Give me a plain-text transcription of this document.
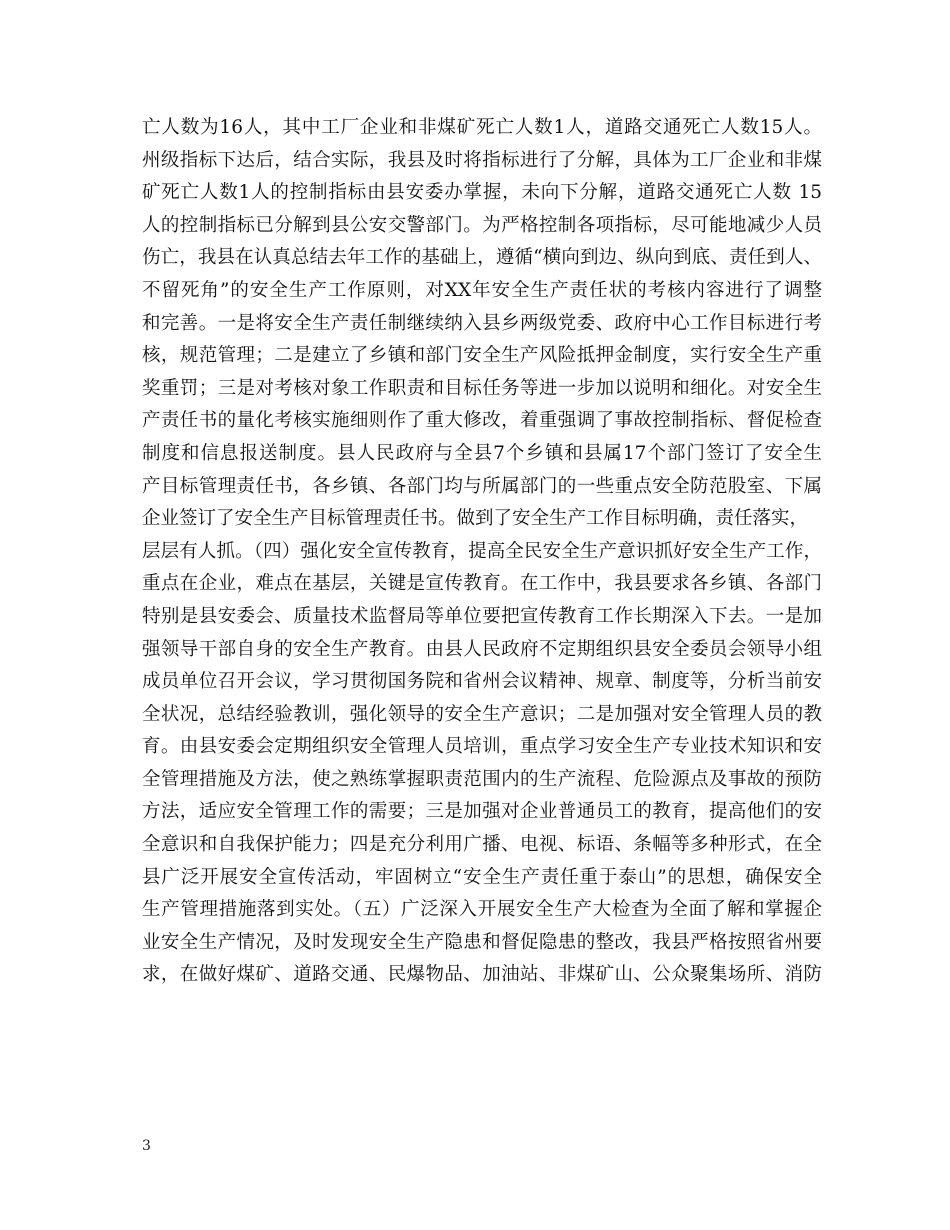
亡人数为16人，其中工厂企业和非煤矿死亡人数1人，道路交通死亡人数15人。
州级指标下达后，结合实际，我县及时将指标进行了分解，具体为工厂企业和非煤
矿死亡人数1人的控制指标由县安委办掌握，未向下分解，道路交通死亡人数 15
人的控制指标已分解到县公安交警部门。为严格控制各项指标，尽可能地减少人员
伤亡，我县在认真总结去年工作的基础上，遵循“横向到边、纵向到底、责任到人、
不留死角”的安全生产工作原则，对XX年安全生产责任状的考核内容进行了调整
和完善。一是将安全生产责任制继续纳入县乡两级党委、政府中心工作目标进行考
核，规范管理；二是建立了乡镇和部门安全生产风险抵押金制度，实行安全生产重
奖重罚；三是对考核对象工作职责和目标任务等进一步加以说明和细化。对安全生
产责任书的量化考核实施细则作了重大修改，着重强调了事故控制指标、督促检查
制度和信息报送制度。县人民政府与全县7个乡镇和县属17个部门签订了安全生
产目标管理责任书，各乡镇、各部门均与所属部门的一些重点安全防范股室、下属
企业签订了安全生产目标管理责任书。做到了安全生产工作目标明确，责任落实，
层层有人抓。（四）强化安全宣传教育，提高全民安全生产意识抓好安全生产工作，
重点在企业，难点在基层，关键是宣传教育。在工作中，我县要求各乡镇、各部门
特别是县安委会、质量技术监督局等单位要把宣传教育工作长期深入下去。一是加
强领导干部自身的安全生产教育。由县人民政府不定期组织县安全委员会领导小组
成员单位召开会议，学习贯彻国务院和省州会议精神、规章、制度等，分析当前安
全状况，总结经验教训，强化领导的安全生产意识；二是加强对安全管理人员的教
育。由县安委会定期组织安全管理人员培训，重点学习安全生产专业技术知识和安
全管理措施及方法，使之熟练掌握职责范围内的生产流程、危险源点及事故的预防
方法，适应安全管理工作的需要；三是加强对企业普通员工的教育，提高他们的安
全意识和自我保护能力；四是充分利用广播、电视、标语、条幅等多种形式，在全
县广泛开展安全宣传活动，牢固树立“安全生产责任重于泰山”的思想，确保安全
生产管理措施落到实处。（五）广泛深入开展安全生产大检查为全面了解和掌握企
业安全生产情况，及时发现安全生产隐患和督促隐患的整改，我县严格按照省州要
求，在做好煤矿、道路交通、民爆物品、加油站、非煤矿山、公众聚集场所、消防
3
